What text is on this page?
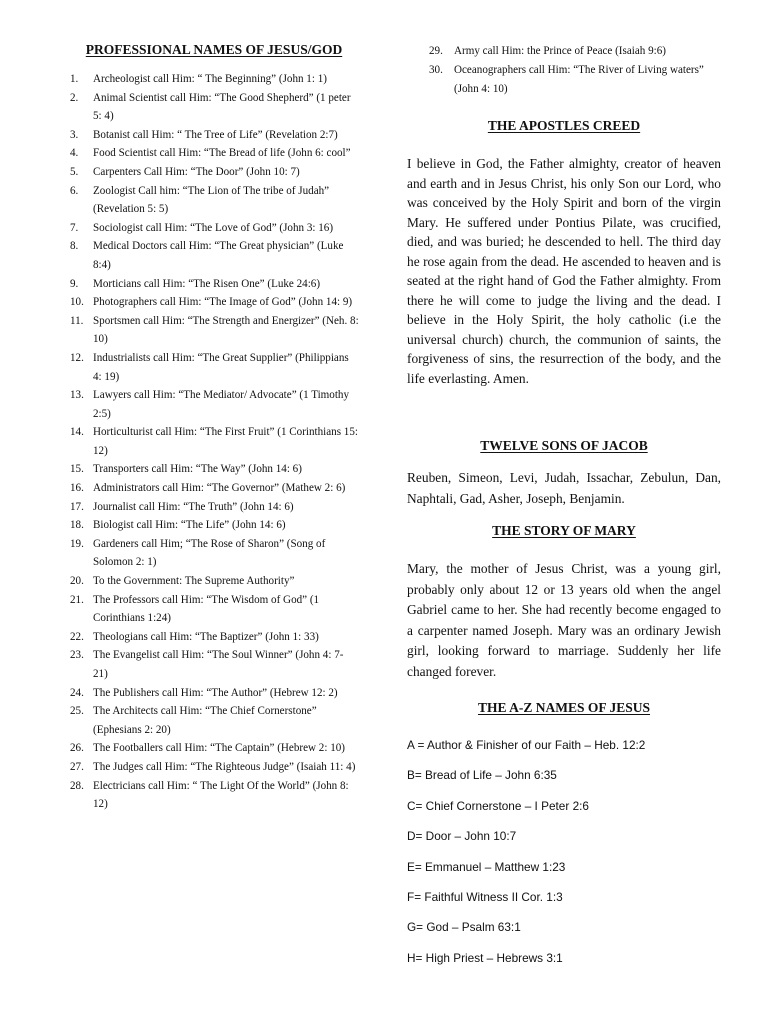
PROFESSIONAL NAMES OF JESUS/GOD
1. Archeologist call Him: “ The Beginning” (John 1: 1)
2. Animal Scientist call Him: “The Good Shepherd” (1 peter 5: 4)
3. Botanist call Him: “ The Tree of Life” (Revelation 2:7)
4. Food Scientist call Him: “The Bread of life (John 6: cool”
5. Carpenters Call Him: “The Door” (John 10: 7)
6. Zoologist Call him: “The Lion of The tribe of Judah” (Revelation 5: 5)
7. Sociologist call Him: “The Love of God” (John 3: 16)
8. Medical Doctors call Him: “The Great physician” (Luke 8:4)
9. Morticians call Him: “The Risen One” (Luke 24:6)
10. Photographers call Him: “The Image of God” (John 14: 9)
11. Sportsmen call Him: “The Strength and Energizer” (Neh. 8: 10)
12. Industrialists call Him: “The Great Supplier” (Philippians 4: 19)
13. Lawyers call Him: “The Mediator/ Advocate” (1 Timothy 2:5)
14. Horticulturist call Him: “The First Fruit” (1 Corinthians 15: 12)
15. Transporters call Him: “The Way” (John 14: 6)
16. Administrators call Him: “The Governor” (Mathew 2: 6)
17. Journalist call Him: “The Truth” (John 14: 6)
18. Biologist call Him: “The Life” (John 14: 6)
19. Gardeners call Him; “The Rose of Sharon” (Song of Solomon 2: 1)
20. To the Government: The Supreme Authority”
21. The Professors call Him: “The Wisdom of God” (1 Corinthians 1:24)
22. Theologians call Him: “The Baptizer” (John 1: 33)
23. The Evangelist call Him: “The Soul Winner” (John 4: 7- 21)
24. The Publishers call Him: “The Author” (Hebrew 12: 2)
25. The Architects call Him: “The Chief Cornerstone” (Ephesians 2: 20)
26. The Footballers call Him: “The Captain” (Hebrew 2: 10)
27. The Judges call Him: “The Righteous Judge” (Isaiah 11: 4)
28. Electricians call Him: “ The Light Of the World” (John 8: 12)
29. Army call Him: the Prince of Peace (Isaiah 9:6)
30. Oceanographers call Him: “The River of Living waters” (John 4: 10)
THE APOSTLES CREED

I believe in God, the Father almighty, creator of heaven and earth and in Jesus Christ, his only Son our Lord, who was conceived by the Holy Spirit and born of the virgin Mary. He suffered under Pontius Pilate, was crucified, died, and was buried; he descended to hell. The third day he rose again from the dead. He ascended to heaven and is seated at the right hand of God the Father almighty. From there he will come to judge the living and the dead. I believe in the Holy Spirit, the holy catholic (i.e the universal church) church, the communion of saints, the forgiveness of sins, the resurrection of the body, and the life everlasting. Amen.

TWELVE SONS OF JACOB

Reuben, Simeon, Levi, Judah, Issachar, Zebulun, Dan, Naphtali, Gad, Asher, Joseph, Benjamin.

THE STORY OF MARY

Mary, the mother of Jesus Christ, was a young girl, probably only about 12 or 13 years old when the angel Gabriel came to her. She had recently become engaged to a carpenter named Joseph. Mary was an ordinary Jewish girl, looking forward to marriage. Suddenly her life changed forever.

THE A-Z NAMES OF JESUS
A = Author & Finisher of our Faith – Heb. 12:2
B= Bread of Life – John 6:35
C= Chief Cornerstone – I Peter 2:6
D= Door – John 10:7
E= Emmanuel – Matthew 1:23
F= Faithful Witness II Cor. 1:3
G= God – Psalm 63:1
H= High Priest – Hebrews 3:1
